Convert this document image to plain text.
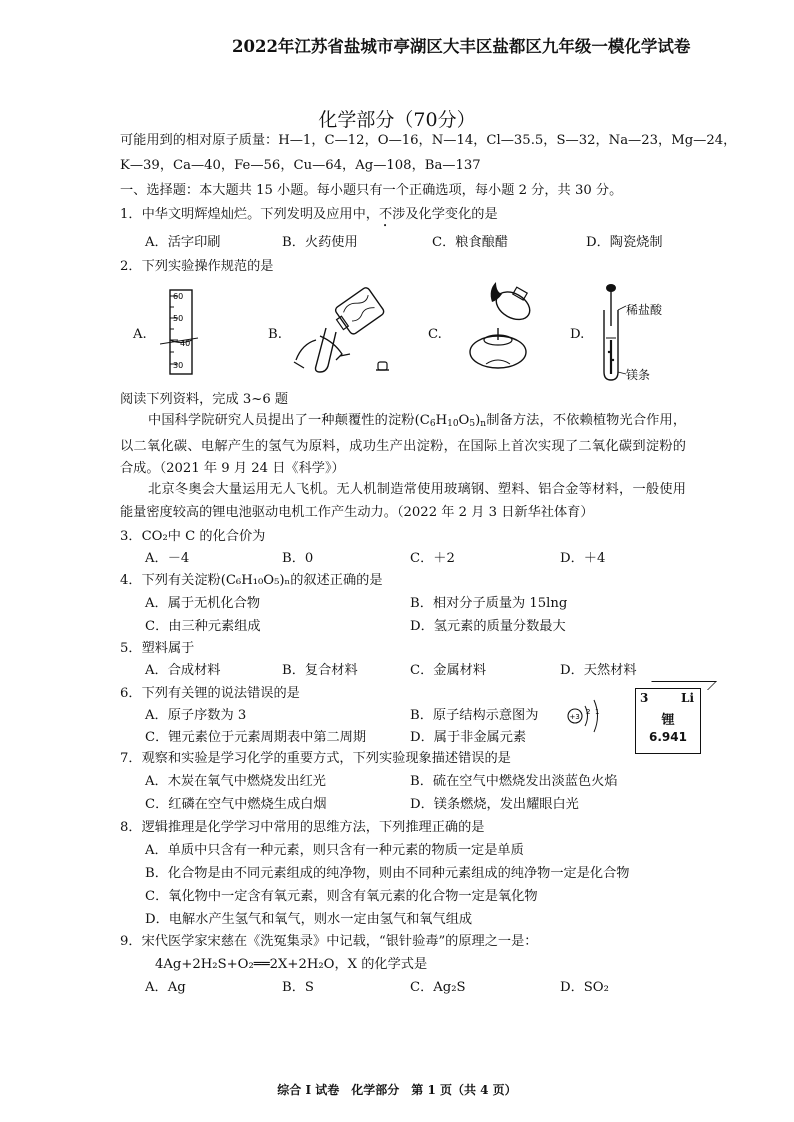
2022年江苏省盐城市亭湖区大丰区盐都区九年级一模化学试卷
化学部分（70分）
可能用到的相对原子质量：H—1，C—12，O—16，N—14，Cl—35.5，S—32，Na—23，Mg—24，
K—39，Ca—40，Fe—56，Cu—64，Ag—108，Ba—137
一、选择题：本大题共 15 小题。每小题只有一个正确选项，每小题 2 分，共 30 分。
1．中华文明辉煌灿烂。下列发明及应用中，不涉及化学变化的是
A．活字印刷	B．火药使用	C．粮食酿醋	D．陶瓷烧制
2．下列实验操作规范的是
A.	B.	C.	D.
60
50
40
30
稀盐酸
镁条
阅读下列资料，完成 3~6 题
中国科学院研究人员提出了一种颠覆性的淀粉$(C_6H_{10}O_5)_n$制备方法，不依赖植物光合作用，以二氧化碳、电解产生的氢气为原料，成功生产出淀粉，在国际上首次实现了二氧化碳到淀粉的合成。（2021 年 9 月 24 日《科学》）
北京冬奥会大量运用无人飞机。无人机制造常使用玻璃钢、塑料、铝合金等材料，一般使用能量密度较高的锂电池驱动电机工作产生动力。（2022 年 2 月 3 日新华社体育）
3．CO₂中 C 的化合价为
A．－4	B．0	C．＋2	D．＋4
4．下列有关淀粉(C₆H₁₀O₅)ₙ的叙述正确的是
A．属于无机化合物	B．相对分子质量为 15lng
C．由三种元素组成	D．氢元素的质量分数最大
5．塑料属于
A．合成材料	B．复合材料	C．金属材料	D．天然材料
6．下列有关锂的说法错误的是
A．原子序数为 3	B．原子结构示意图为	+3
2 1
C．锂元素位于元素周期表中第二周期	D．属于非金属元素
3	Li
锂
6.941
7．观察和实验是学习化学的重要方式，下列实验现象描述错误的是
A．木炭在氧气中燃烧发出红光	B．硫在空气中燃烧发出淡蓝色火焰
C．红磷在空气中燃烧生成白烟	D．镁条燃烧，发出耀眼白光
8．逻辑推理是化学学习中常用的思维方法，下列推理正确的是
A．单质中只含有一种元素，则只含有一种元素的物质一定是单质
B．化合物是由不同元素组成的纯净物，则由不同种元素组成的纯净物一定是化合物
C．氧化物中一定含有氧元素，则含有氧元素的化合物一定是氧化物
D．电解水产生氢气和氧气，则水一定由氢气和氧气组成
9．宋代医学家宋慈在《洗冤集录》中记载，“银针验毒”的原理之一是：
4Ag+2H₂S+O₂══2X+2H₂O，X 的化学式是
A．Ag	B．S	C．Ag₂S	D．SO₂
综合 I 试卷　化学部分　第 1 页（共 4 页）
